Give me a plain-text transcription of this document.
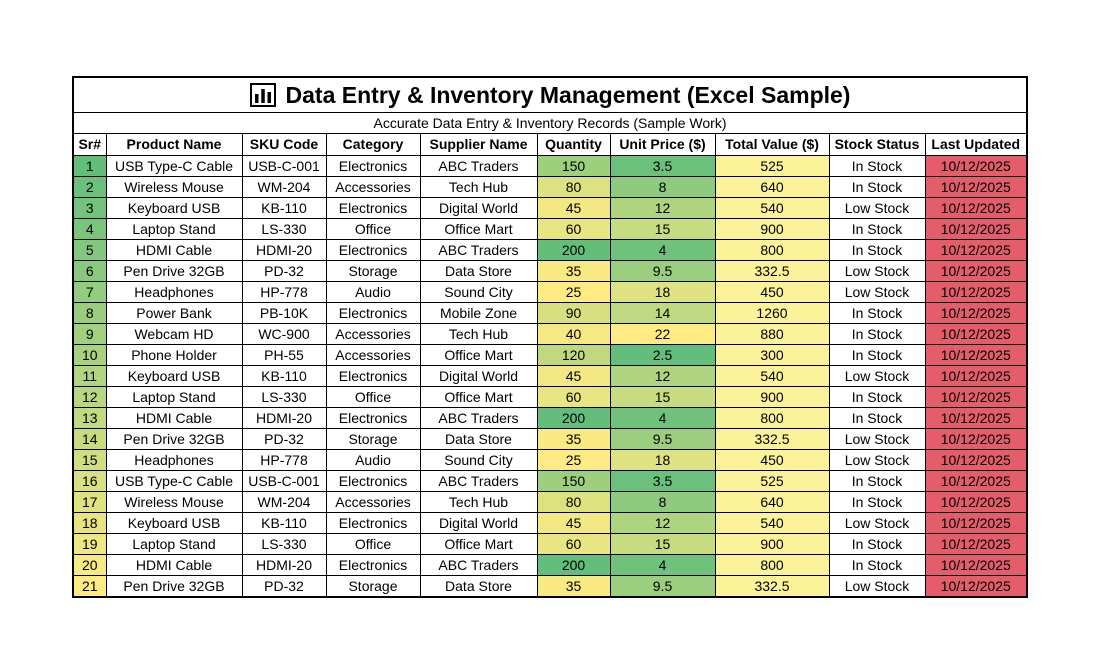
Data Entry & Inventory Management (Excel Sample)
Accurate Data Entry & Inventory Records (Sample Work)
Sr#	Product Name	SKU Code	Category	Supplier Name	Quantity	Unit Price ($)	Total Value ($)	Stock Status	Last Updated
1	USB Type-C Cable	USB-C-001	Electronics	ABC Traders	150	3.5	525	In Stock	10/12/2025
2	Wireless Mouse	WM-204	Accessories	Tech Hub	80	8	640	In Stock	10/12/2025
3	Keyboard USB	KB-110	Electronics	Digital World	45	12	540	Low Stock	10/12/2025
4	Laptop Stand	LS-330	Office	Office Mart	60	15	900	In Stock	10/12/2025
5	HDMI Cable	HDMI-20	Electronics	ABC Traders	200	4	800	In Stock	10/12/2025
6	Pen Drive 32GB	PD-32	Storage	Data Store	35	9.5	332.5	Low Stock	10/12/2025
7	Headphones	HP-778	Audio	Sound City	25	18	450	Low Stock	10/12/2025
8	Power Bank	PB-10K	Electronics	Mobile Zone	90	14	1260	In Stock	10/12/2025
9	Webcam HD	WC-900	Accessories	Tech Hub	40	22	880	In Stock	10/12/2025
10	Phone Holder	PH-55	Accessories	Office Mart	120	2.5	300	In Stock	10/12/2025
11	Keyboard USB	KB-110	Electronics	Digital World	45	12	540	Low Stock	10/12/2025
12	Laptop Stand	LS-330	Office	Office Mart	60	15	900	In Stock	10/12/2025
13	HDMI Cable	HDMI-20	Electronics	ABC Traders	200	4	800	In Stock	10/12/2025
14	Pen Drive 32GB	PD-32	Storage	Data Store	35	9.5	332.5	Low Stock	10/12/2025
15	Headphones	HP-778	Audio	Sound City	25	18	450	Low Stock	10/12/2025
16	USB Type-C Cable	USB-C-001	Electronics	ABC Traders	150	3.5	525	In Stock	10/12/2025
17	Wireless Mouse	WM-204	Accessories	Tech Hub	80	8	640	In Stock	10/12/2025
18	Keyboard USB	KB-110	Electronics	Digital World	45	12	540	Low Stock	10/12/2025
19	Laptop Stand	LS-330	Office	Office Mart	60	15	900	In Stock	10/12/2025
20	HDMI Cable	HDMI-20	Electronics	ABC Traders	200	4	800	In Stock	10/12/2025
21	Pen Drive 32GB	PD-32	Storage	Data Store	35	9.5	332.5	Low Stock	10/12/2025
